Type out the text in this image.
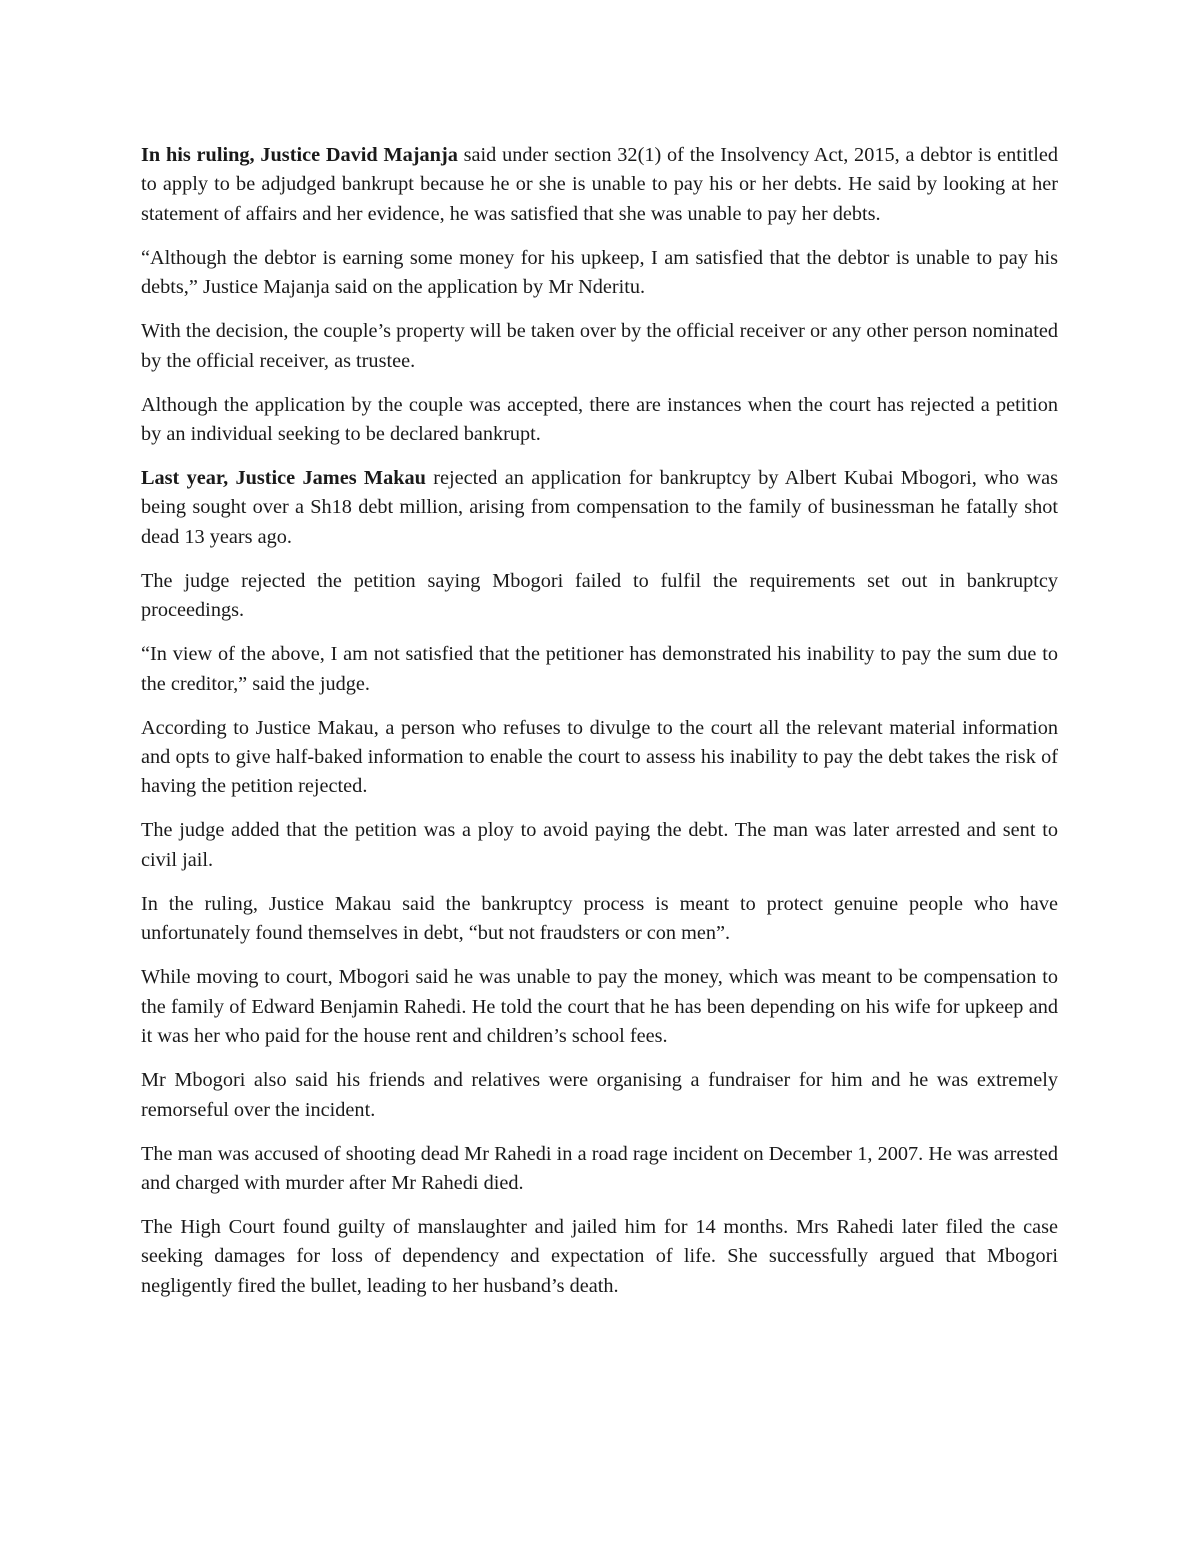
In his ruling, Justice David Majanja said under section 32(1) of the Insolvency Act, 2015, a debtor is entitled to apply to be adjudged bankrupt because he or she is unable to pay his or her debts. He said by looking at her statement of affairs and her evidence, he was satisfied that she was unable to pay her debts.

“Although the debtor is earning some money for his upkeep, I am satisfied that the debtor is unable to pay his debts,” Justice Majanja said on the application by Mr Nderitu.

With the decision, the couple’s property will be taken over by the official receiver or any other person nominated by the official receiver, as trustee.

Although the application by the couple was accepted, there are instances when the court has rejected a petition by an individual seeking to be declared bankrupt.

Last year, Justice James Makau rejected an application for bankruptcy by Albert Kubai Mbogori, who was being sought over a Sh18 debt million, arising from compensation to the family of businessman he fatally shot dead 13 years ago.

The judge rejected the petition saying Mbogori failed to fulfil the requirements set out in bankruptcy proceedings.

“In view of the above, I am not satisfied that the petitioner has demonstrated his inability to pay the sum due to the creditor,” said the judge.

According to Justice Makau, a person who refuses to divulge to the court all the relevant material information and opts to give half-baked information to enable the court to assess his inability to pay the debt takes the risk of having the petition rejected.

The judge added that the petition was a ploy to avoid paying the debt. The man was later arrested and sent to civil jail.

In the ruling, Justice Makau said the bankruptcy process is meant to protect genuine people who have unfortunately found themselves in debt, “but not fraudsters or con men”.

While moving to court, Mbogori said he was unable to pay the money, which was meant to be compensation to the family of Edward Benjamin Rahedi. He told the court that he has been depending on his wife for upkeep and it was her who paid for the house rent and children’s school fees.

Mr Mbogori also said his friends and relatives were organising a fundraiser for him and he was extremely remorseful over the incident.

The man was accused of shooting dead Mr Rahedi in a road rage incident on December 1, 2007. He was arrested and charged with murder after Mr Rahedi died.

The High Court found guilty of manslaughter and jailed him for 14 months. Mrs Rahedi later filed the case seeking damages for loss of dependency and expectation of life. She successfully argued that Mbogori negligently fired the bullet, leading to her husband’s death.
